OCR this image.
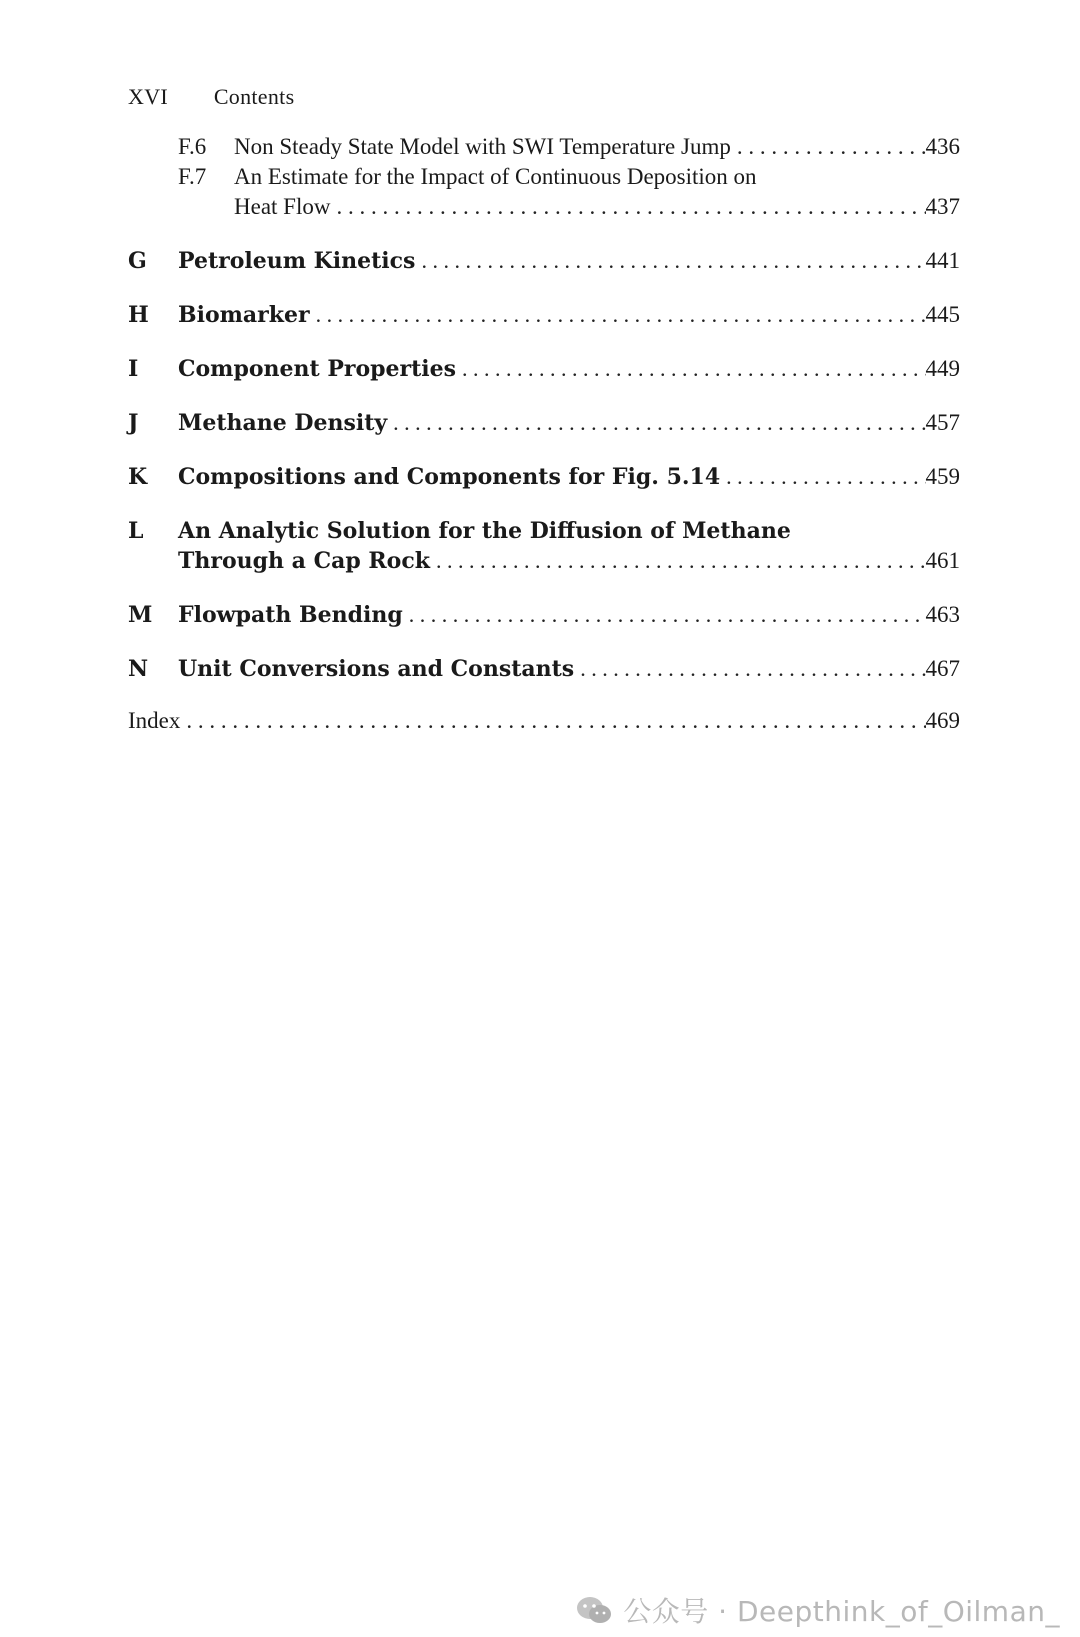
XVI Contents
F.6	Non Steady State Model with SWI Temperature Jump . . .	436
F.7	An Estimate for the Impact of Continuous Deposition on
Heat Flow . . .	437
G	Petroleum Kinetics . . .	441
H	Biomarker . . .	445
I	Component Properties . . .	449
J	Methane Density . . .	457
K	Compositions and Components for Fig. 5.14 . . .	459
L	An Analytic Solution for the Diffusion of Methane
Through a Cap Rock . . .	461
M	Flowpath Bending . . .	463
N	Unit Conversions and Constants . . .	467
Index . . .	469
公众号 · Deepthink_of_Oilman_
